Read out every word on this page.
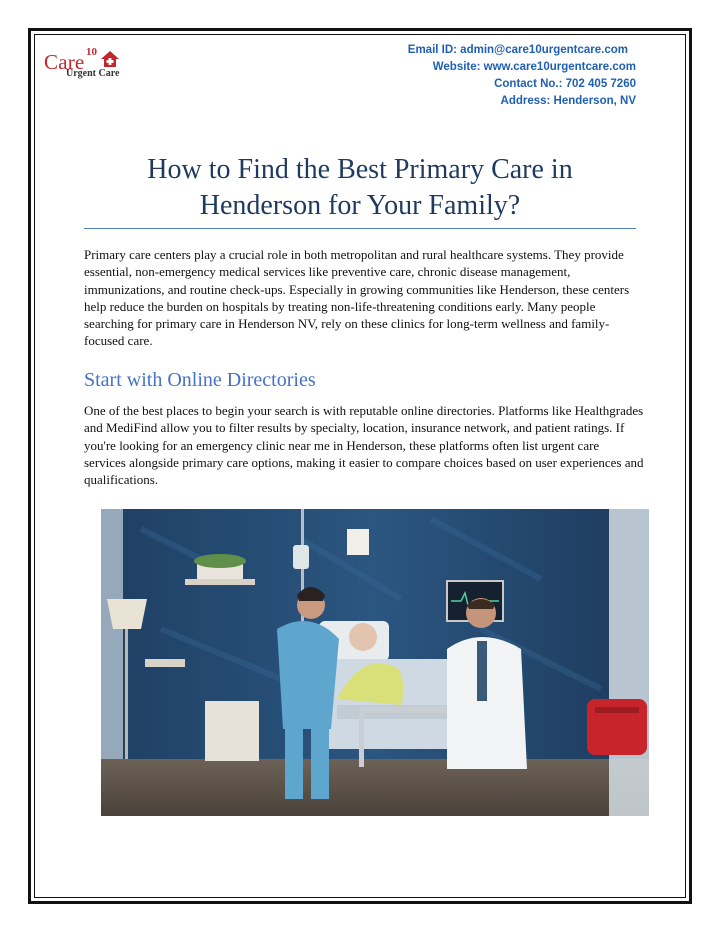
Care 10
Urgent Care
Email ID: admin@care10urgentcare.com
Website: www.care10urgentcare.com
Contact No.: 702 405 7260
Address: Henderson, NV
How to Find the Best Primary Care in
Henderson for Your Family?
Primary care centers play a crucial role in both metropolitan and rural healthcare systems. They provide essential, non-emergency medical services like preventive care, chronic disease management, immunizations, and routine check-ups. Especially in growing communities like Henderson, these centers help reduce the burden on hospitals by treating non-life-threatening conditions early. Many people searching for primary care in Henderson NV, rely on these clinics for long-term wellness and family-focused care.
Start with Online Directories
One of the best places to begin your search is with reputable online directories. Platforms like Healthgrades and MediFind allow you to filter results by specialty, location, insurance network, and patient ratings. If you're looking for an emergency clinic near me in Henderson, these platforms often list urgent care services alongside primary care options, making it easier to compare choices based on user experiences and qualifications.
